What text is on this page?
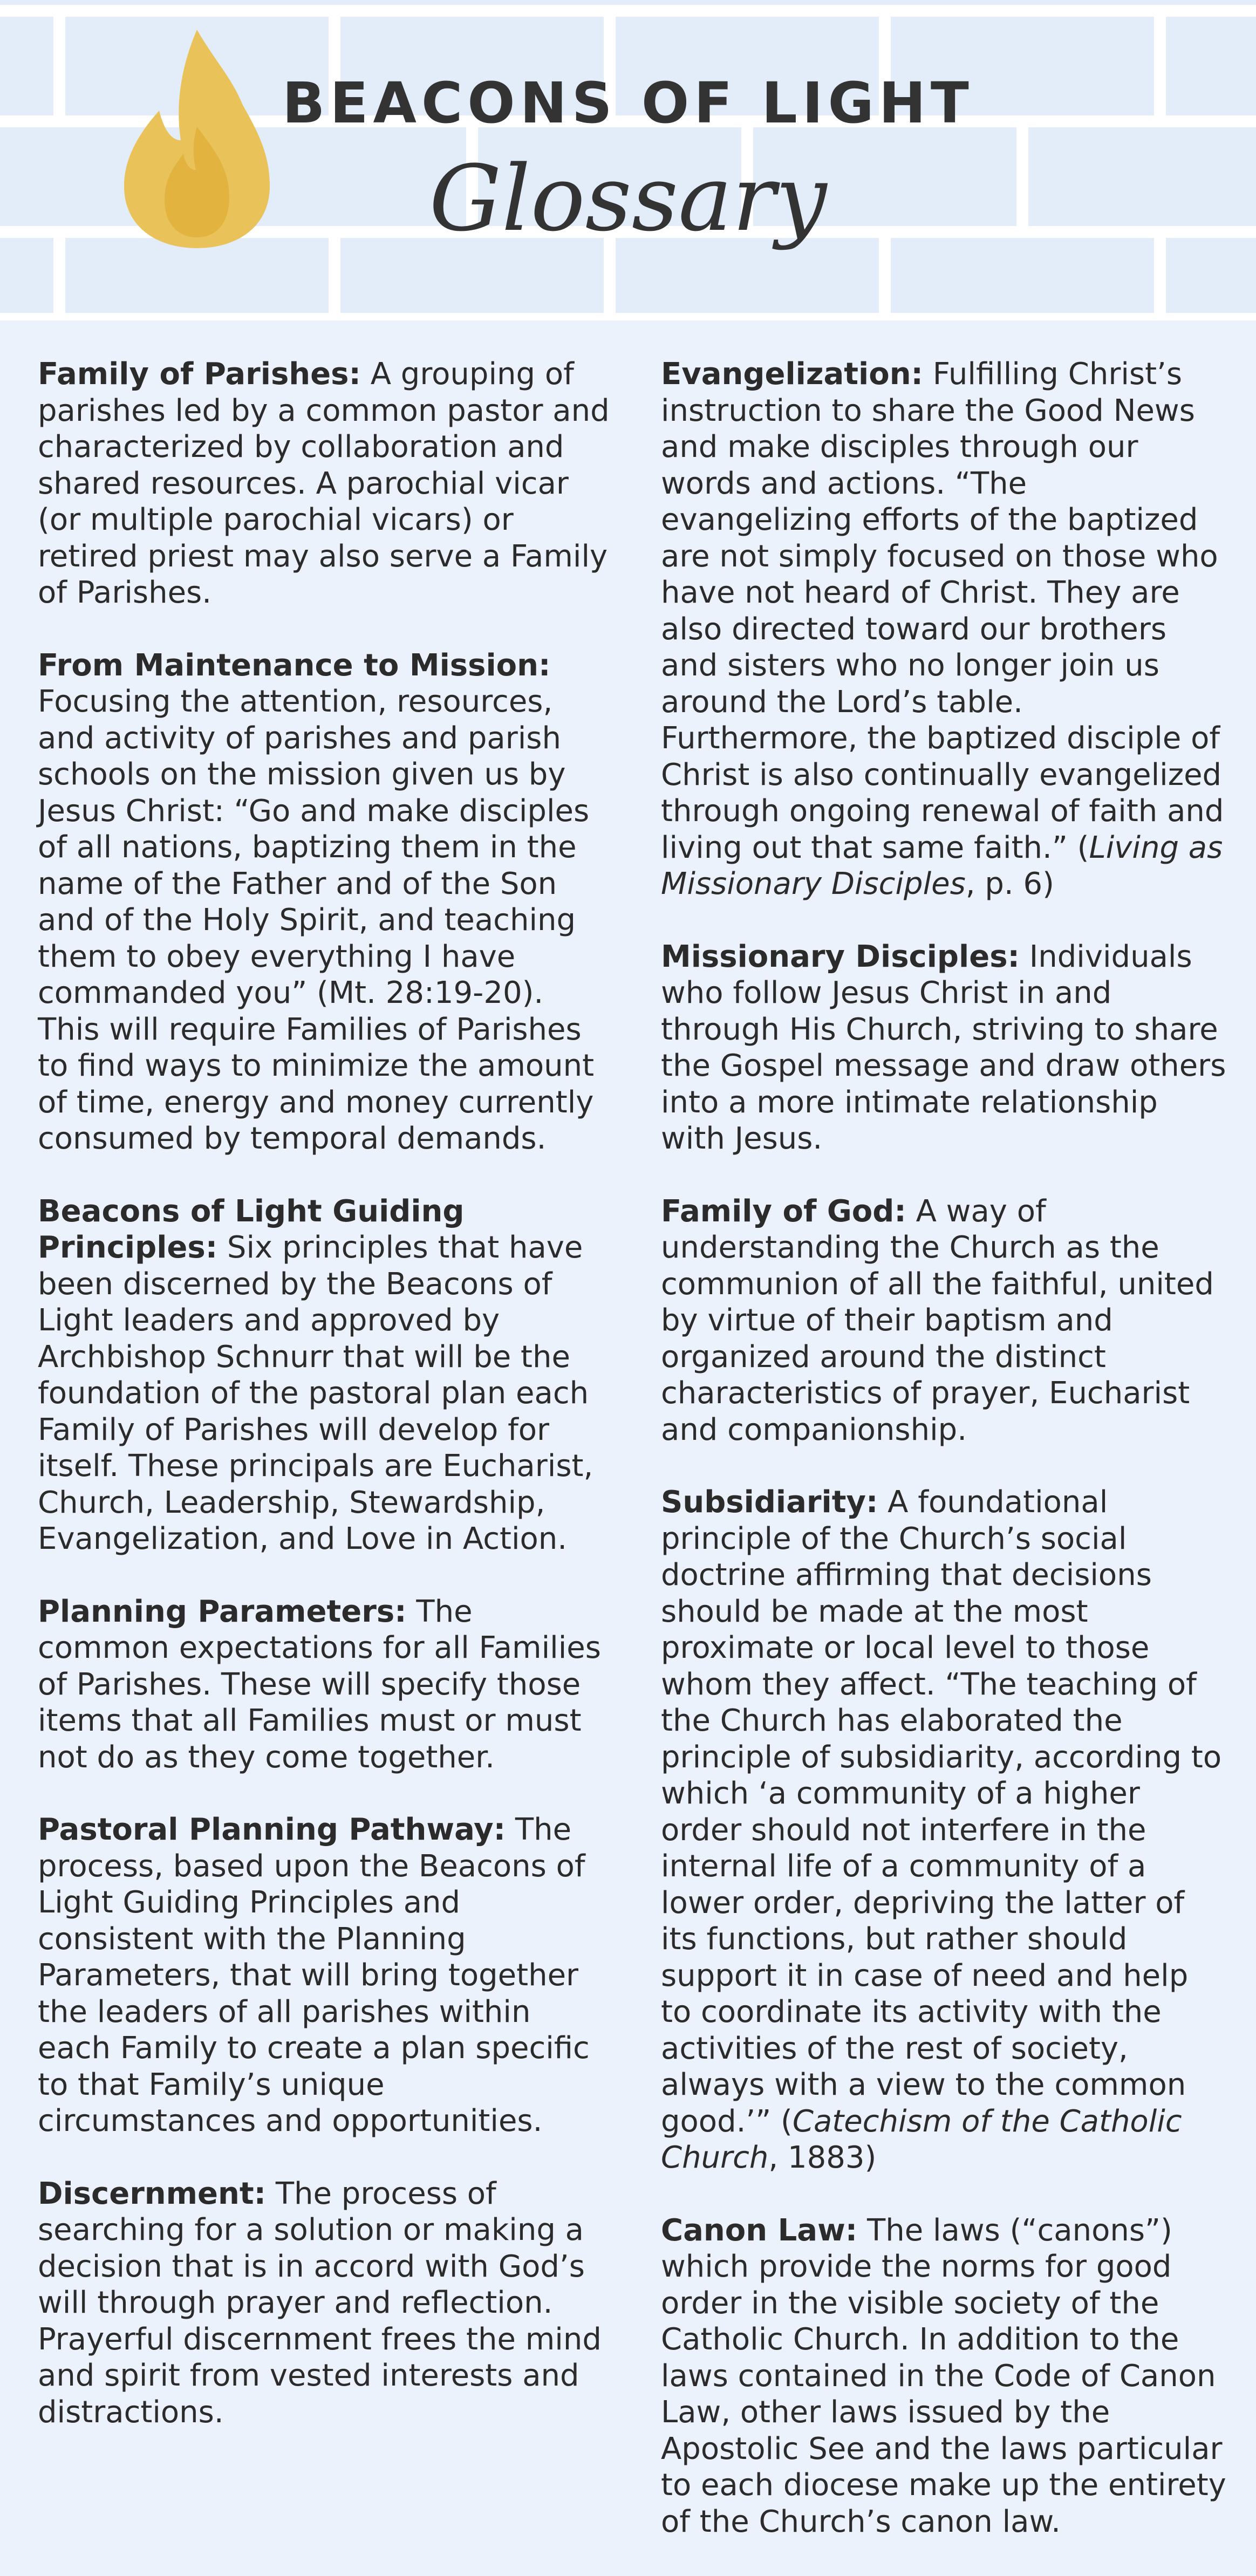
BEACONS OF LIGHT
Glossary

Family of Parishes: A grouping of parishes led by a common pastor and characterized by collaboration and shared resources. A parochial vicar (or multiple parochial vicars) or retired priest may also serve a Family of Parishes.

From Maintenance to Mission: Focusing the attention, resources, and activity of parishes and parish schools on the mission given us by Jesus Christ: “Go and make disciples of all nations, baptizing them in the name of the Father and of the Son and of the Holy Spirit, and teaching them to obey everything I have commanded you” (Mt. 28:19-20). This will require Families of Parishes to find ways to minimize the amount of time, energy and money currently consumed by temporal demands.

Beacons of Light Guiding Principles: Six principles that have been discerned by the Beacons of Light leaders and approved by Archbishop Schnurr that will be the foundation of the pastoral plan each Family of Parishes will develop for itself. These principals are Eucharist, Church, Leadership, Stewardship, Evangelization, and Love in Action.

Planning Parameters: The common expectations for all Families of Parishes. These will specify those items that all Families must or must not do as they come together.

Pastoral Planning Pathway: The process, based upon the Beacons of Light Guiding Principles and consistent with the Planning Parameters, that will bring together the leaders of all parishes within each Family to create a plan specific to that Family’s unique circumstances and opportunities.

Discernment: The process of searching for a solution or making a decision that is in accord with God’s will through prayer and reflection. Prayerful discernment frees the mind and spirit from vested interests and distractions.

Evangelization: Fulfilling Christ’s instruction to share the Good News and make disciples through our words and actions. “The evangelizing efforts of the baptized are not simply focused on those who have not heard of Christ. They are also directed toward our brothers and sisters who no longer join us around the Lord’s table. Furthermore, the baptized disciple of Christ is also continually evangelized through ongoing renewal of faith and living out that same faith.” (Living as Missionary Disciples, p. 6)

Missionary Disciples: Individuals who follow Jesus Christ in and through His Church, striving to share the Gospel message and draw others into a more intimate relationship with Jesus.

Family of God: A way of understanding the Church as the communion of all the faithful, united by virtue of their baptism and organized around the distinct characteristics of prayer, Eucharist and companionship.

Subsidiarity: A foundational principle of the Church’s social doctrine affirming that decisions should be made at the most proximate or local level to those whom they affect. “The teaching of the Church has elaborated the principle of subsidiarity, according to which ‘a community of a higher order should not interfere in the internal life of a community of a lower order, depriving the latter of its functions, but rather should support it in case of need and help to coordinate its activity with the activities of the rest of society, always with a view to the common good.’” (Catechism of the Catholic Church, 1883)

Canon Law: The laws (“canons”) which provide the norms for good order in the visible society of the Catholic Church. In addition to the laws contained in the Code of Canon Law, other laws issued by the Apostolic See and the laws particular to each diocese make up the entirety of the Church’s canon law.
